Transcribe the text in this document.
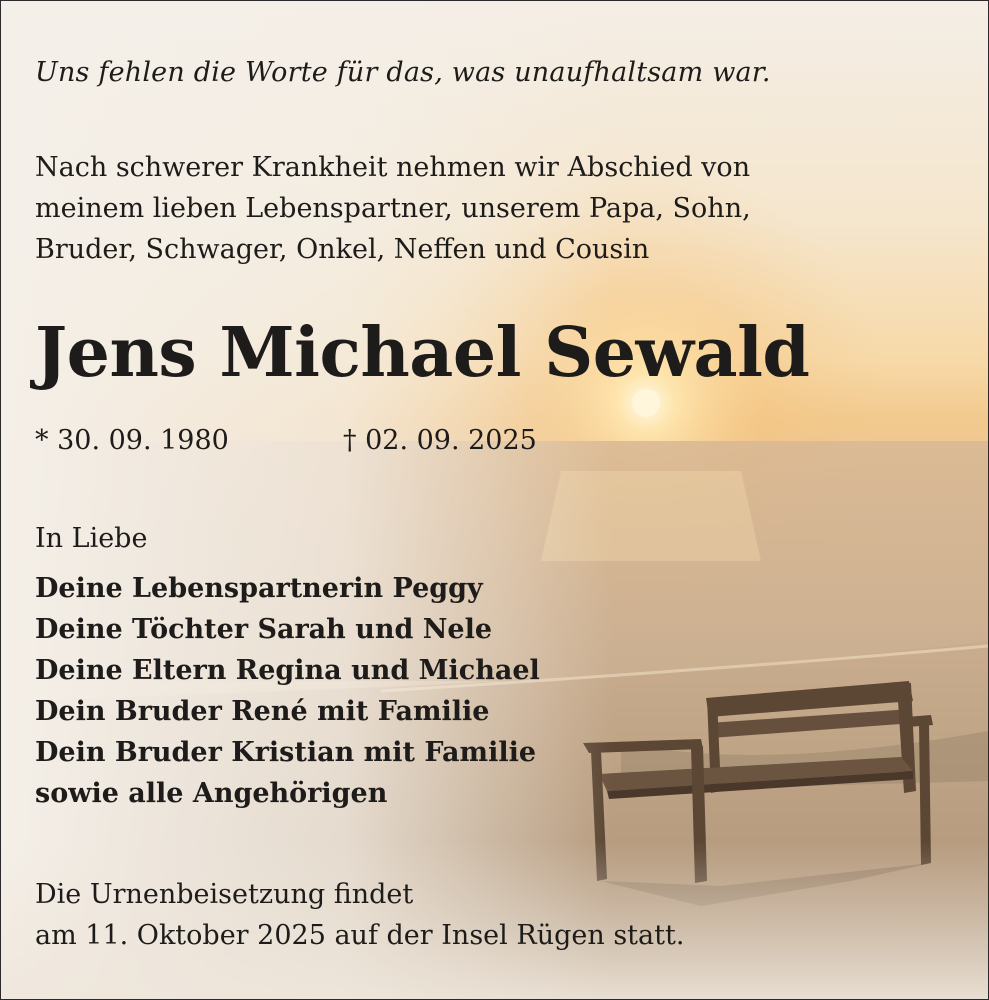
Uns fehlen die Worte für das, was unaufhaltsam war.

Nach schwerer Krankheit nehmen wir Abschied von
meinem lieben Lebenspartner, unserem Papa, Sohn,
Bruder, Schwager, Onkel, Neffen und Cousin
Jens Michael Sewald
* 30. 09. 1980	† 02. 09. 2025

In Liebe

Deine Lebenspartnerin Peggy
Deine Töchter Sarah und Nele
Deine Eltern Regina und Michael
Dein Bruder René mit Familie
Dein Bruder Kristian mit Familie
sowie alle Angehörigen
Die Urnenbeisetzung findet
am 11. Oktober 2025 auf der Insel Rügen statt.
